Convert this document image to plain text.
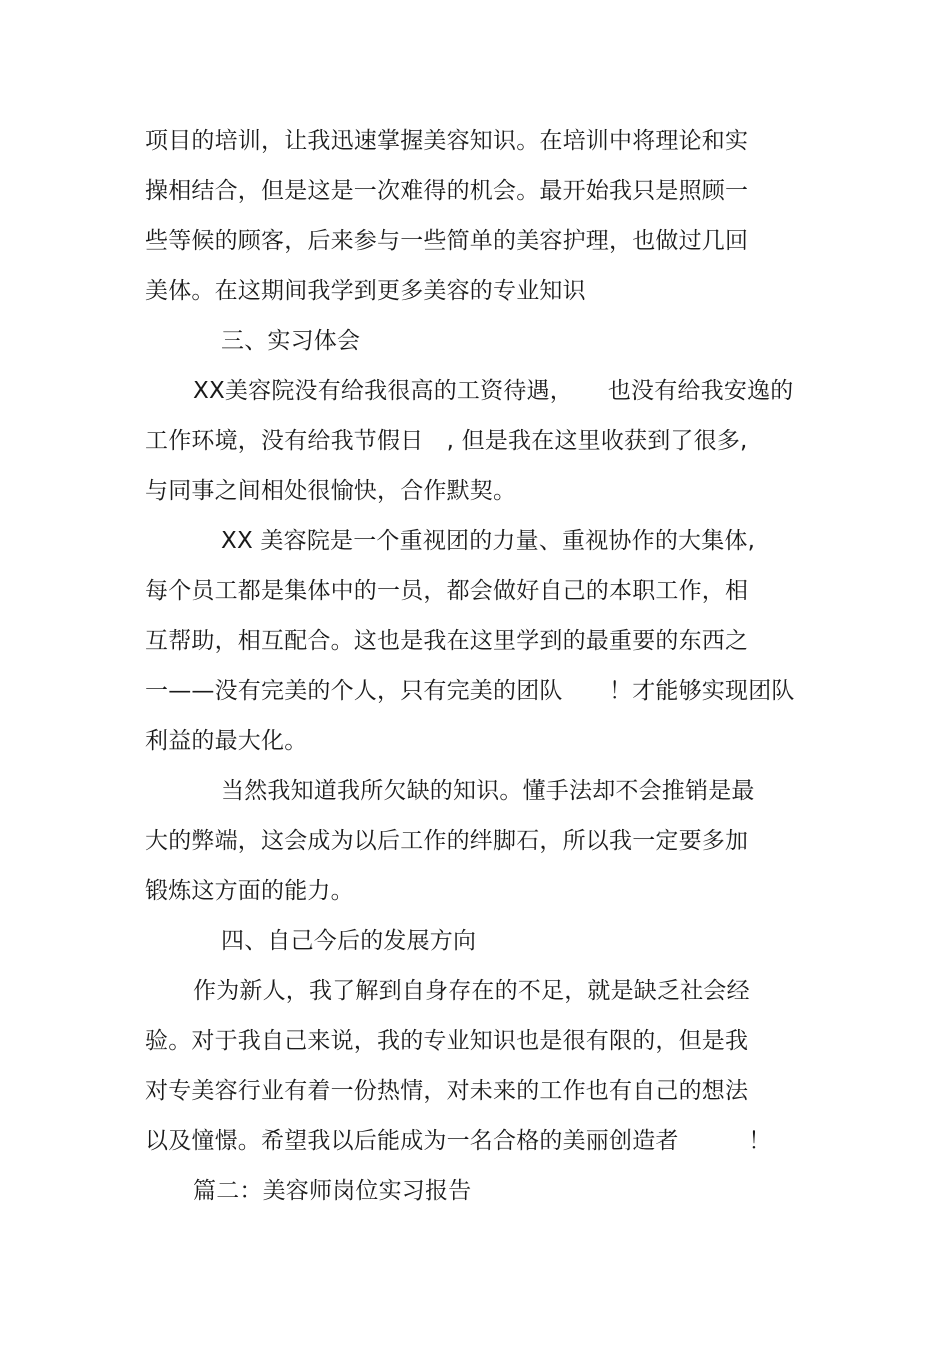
项目的培训，让我迅速掌握美容知识。在培训中将理论和实
操相结合，但是这是一次难得的机会。最开始我只是照顾一
些等候的顾客，后来参与一些简单的美容护理，也做过几回
美体。在这期间我学到更多美容的专业知识
三、实习体会
XX美容院没有给我很高的工资待遇，　　也没有给我安逸的
工作环境，没有给我节假日　, 但是我在这里收获到了很多,
与同事之间相处很愉快，合作默契。
XX 美容院是一个重视团的力量、重视协作的大集体,
每个员工都是集体中的一员，都会做好自己的本职工作，相
互帮助，相互配合。这也是我在这里学到的最重要的东西之
一——没有完美的个人，只有完美的团队　　！才能够实现团队
利益的最大化。
当然我知道我所欠缺的知识。懂手法却不会推销是最
大的弊端，这会成为以后工作的绊脚石，所以我一定要多加
锻炼这方面的能力。
四、自己今后的发展方向
作为新人，我了解到自身存在的不足，就是缺乏社会经
验。对于我自己来说，我的专业知识也是很有限的，但是我
对专美容行业有着一份热情，对未来的工作也有自己的想法
以及憧憬。希望我以后能成为一名合格的美丽创造者　　　！
篇二：美容师岗位实习报告
